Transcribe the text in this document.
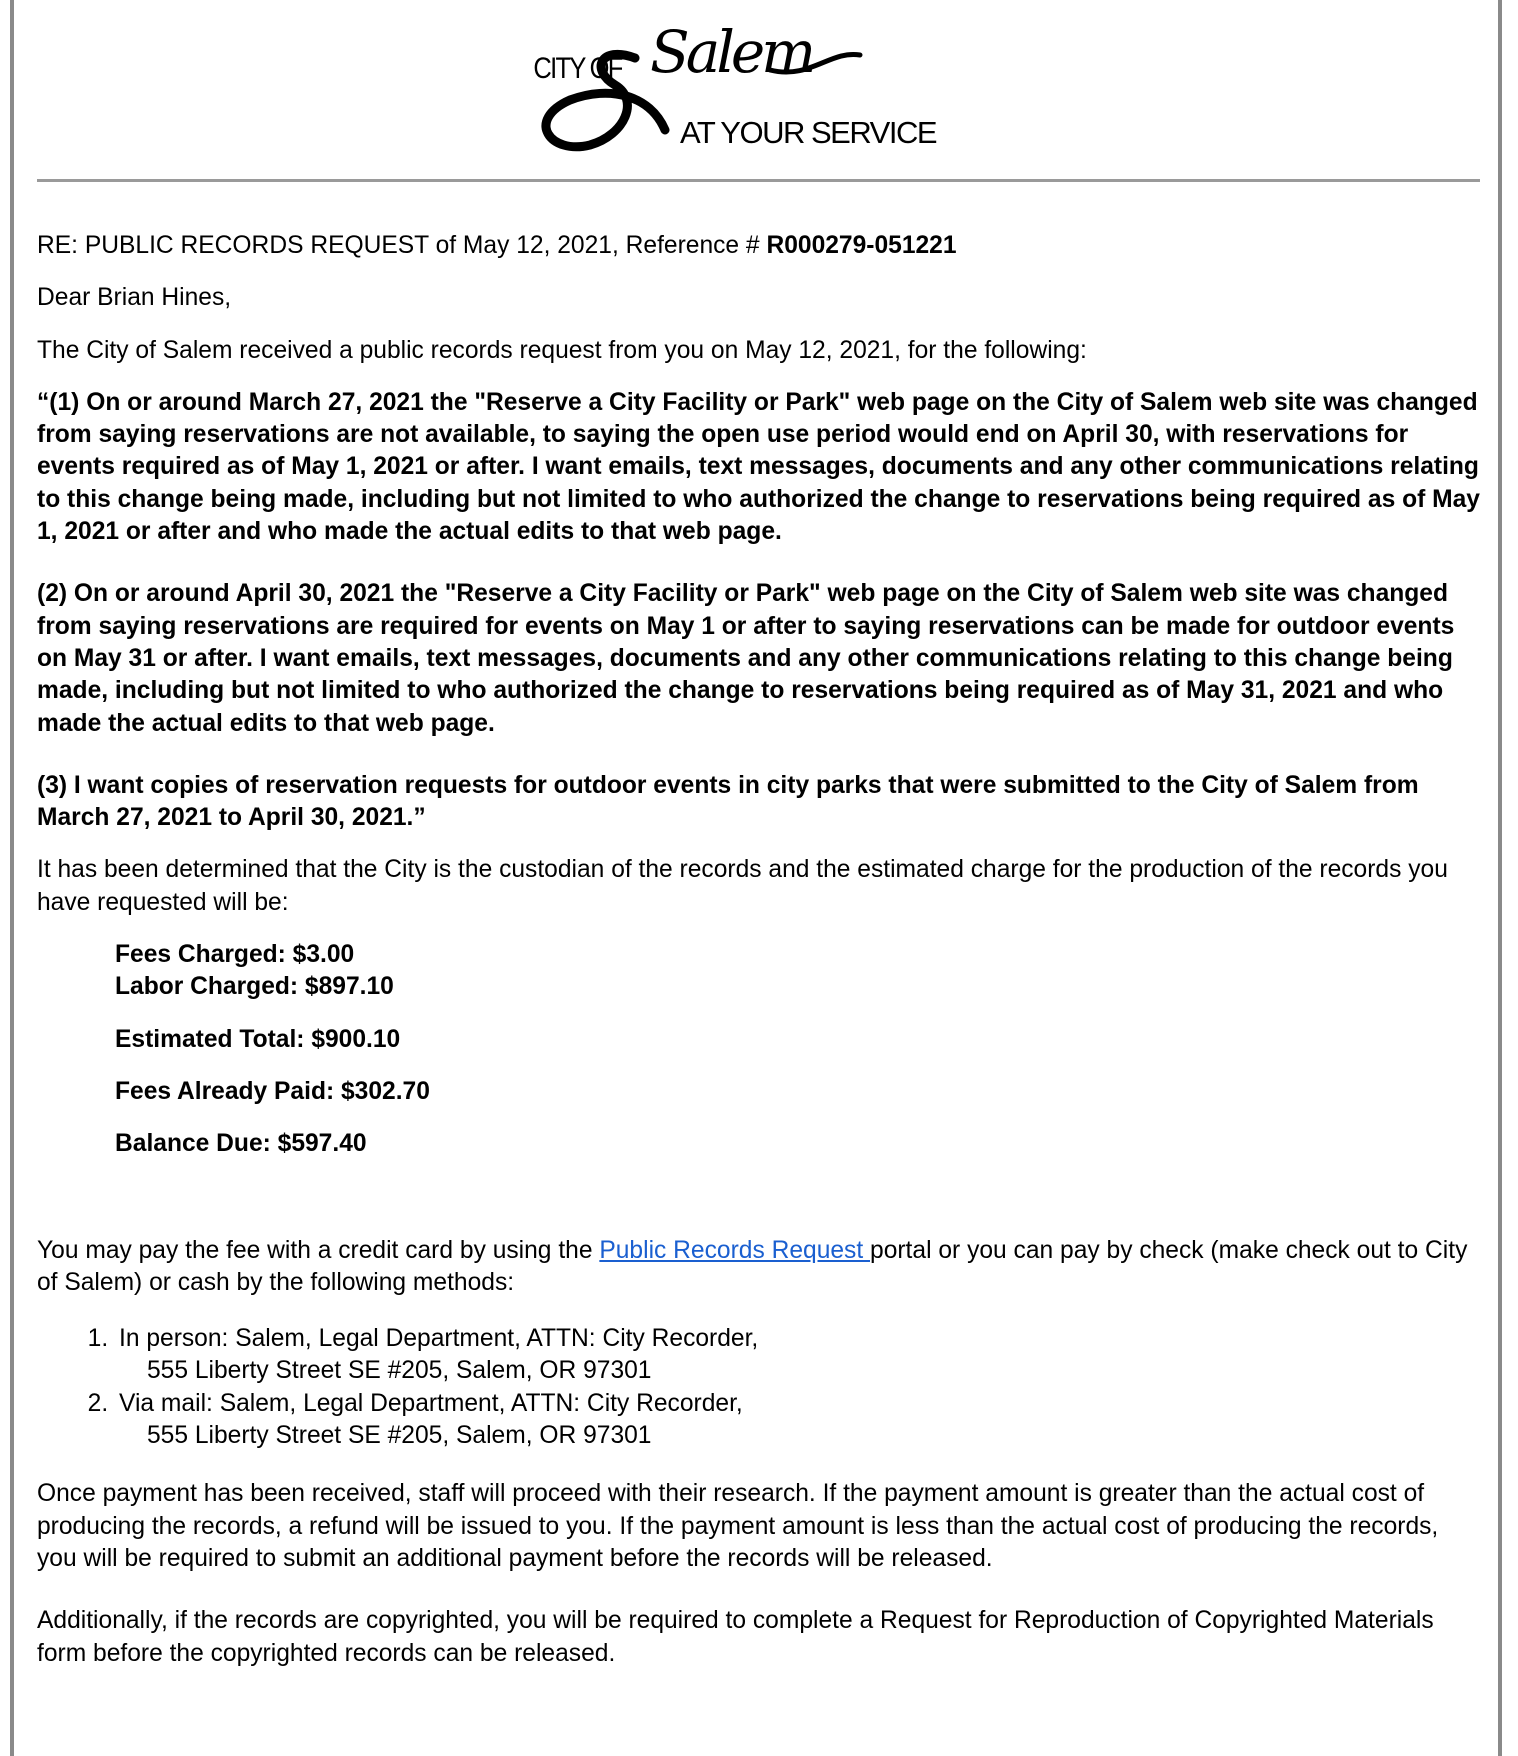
CITY OF Salem
AT YOUR SERVICE

RE: PUBLIC RECORDS REQUEST of May 12, 2021, Reference # R000279-051221

Dear Brian Hines,

The City of Salem received a public records request from you on May 12, 2021, for the following:

“(1) On or around March 27, 2021 the "Reserve a City Facility or Park" web page on the City of Salem web site was changed from saying reservations are not available, to saying the open use period would end on April 30, with reservations for events required as of May 1, 2021 or after. I want emails, text messages, documents and any other communications relating to this change being made, including but not limited to who authorized the change to reservations being required as of May 1, 2021 or after and who made the actual edits to that web page.

(2) On or around April 30, 2021 the "Reserve a City Facility or Park" web page on the City of Salem web site was changed from saying reservations are required for events on May 1 or after to saying reservations can be made for outdoor events on May 31 or after. I want emails, text messages, documents and any other communications relating to this change being made, including but not limited to who authorized the change to reservations being required as of May 31, 2021 and who made the actual edits to that web page.

(3) I want copies of reservation requests for outdoor events in city parks that were submitted to the City of Salem from March 27, 2021 to April 30, 2021.”

It has been determined that the City is the custodian of the records and the estimated charge for the production of the records you have requested will be:

Fees Charged: $3.00

Labor Charged: $897.10

Estimated Total: $900.10

Fees Already Paid: $302.70

Balance Due: $597.40

You may pay the fee with a credit card by using the Public Records Request portal or you can pay by check (make check out to City of Salem) or cash by the following methods:

1. In person: Salem, Legal Department, ATTN: City Recorder,
555 Liberty Street SE #205, Salem, OR 97301
2. Via mail: Salem, Legal Department, ATTN: City Recorder,
555 Liberty Street SE #205, Salem, OR 97301

Once payment has been received, staff will proceed with their research. If the payment amount is greater than the actual cost of producing the records, a refund will be issued to you. If the payment amount is less than the actual cost of producing the records, you will be required to submit an additional payment before the records will be released.

Additionally, if the records are copyrighted, you will be required to complete a Request for Reproduction of Copyrighted Materials form before the copyrighted records can be released.
